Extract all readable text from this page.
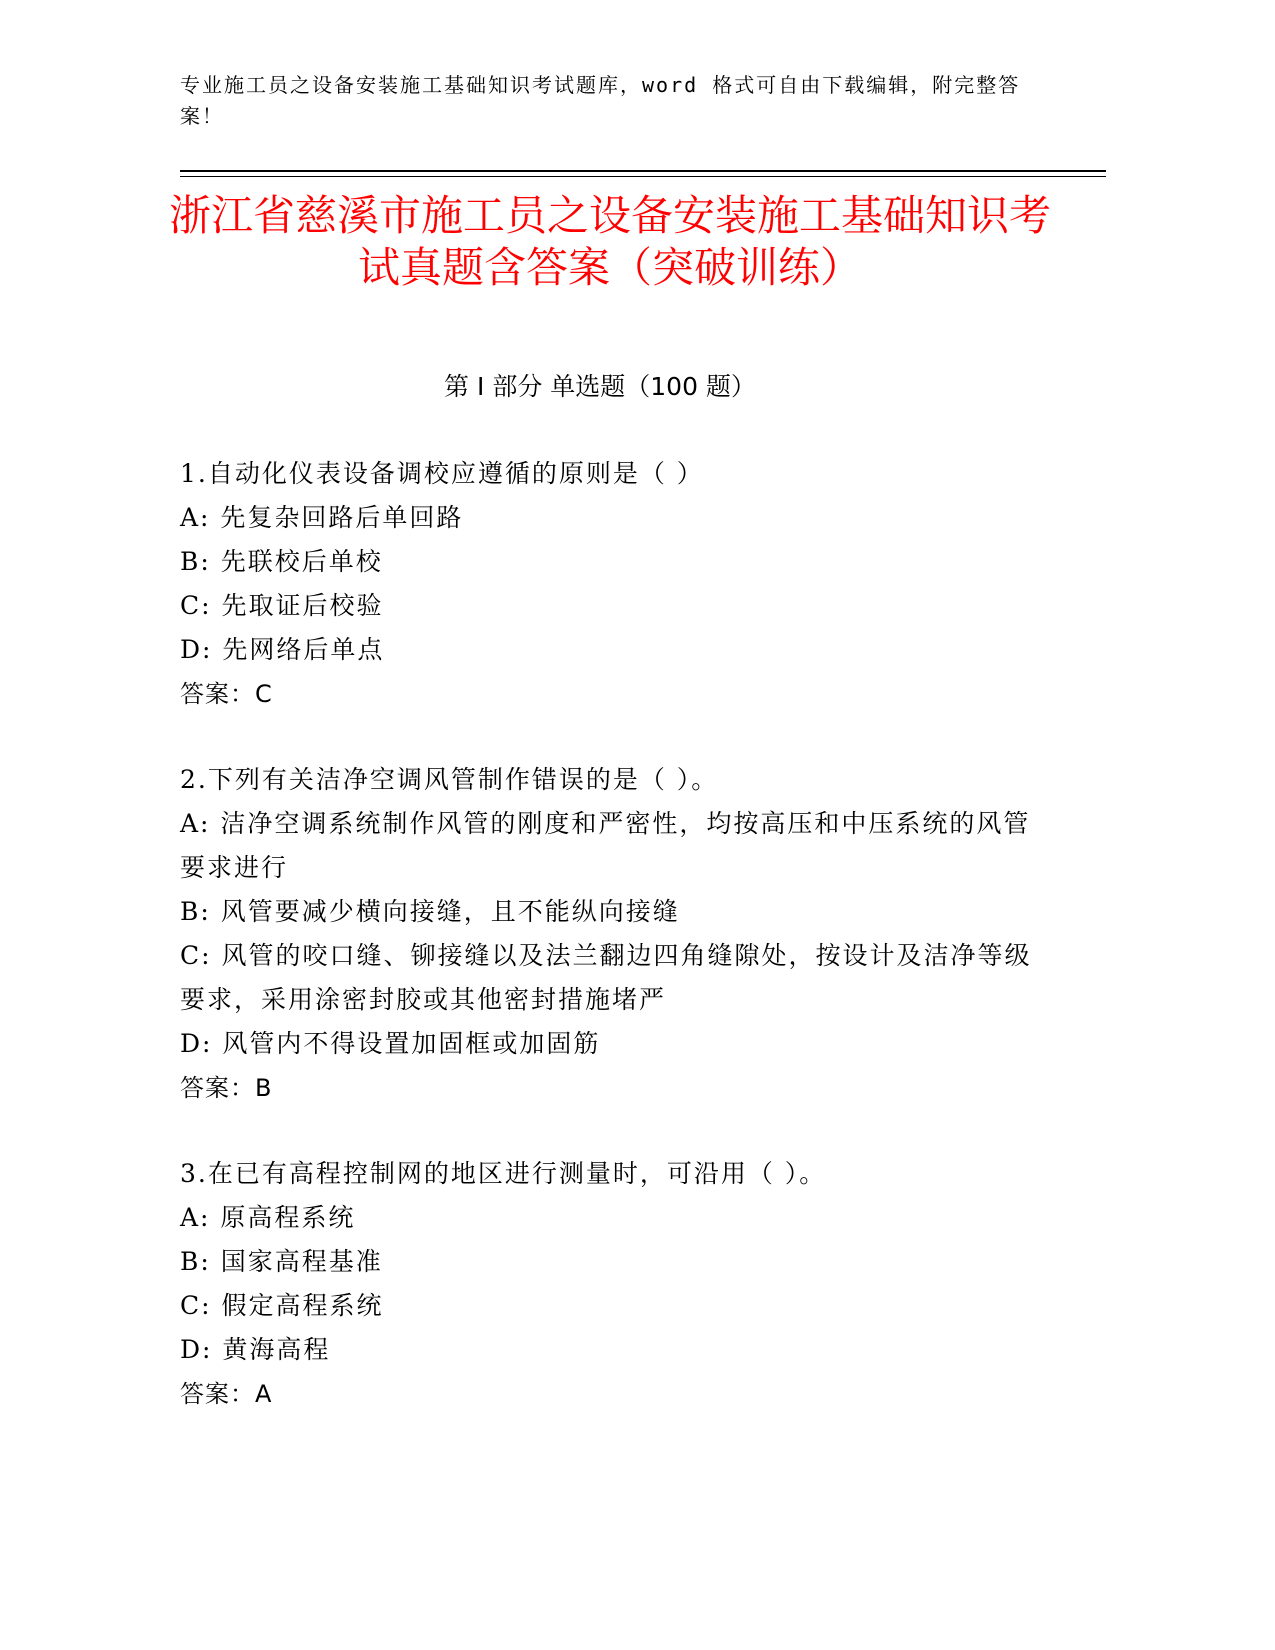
专业施工员之设备安装施工基础知识考试题库，word 格式可自由下载编辑，附完整答案！
浙江省慈溪市施工员之设备安装施工基础知识考试真题含答案（突破训练）
第 I 部分 单选题（100 题）
1.自动化仪表设备调校应遵循的原则是（ ）
A: 先复杂回路后单回路
B: 先联校后单校
C: 先取证后校验
D: 先网络后单点
答案：C
2.下列有关洁净空调风管制作错误的是（ ）。
A: 洁净空调系统制作风管的刚度和严密性，均按高压和中压系统的风管要求进行
B: 风管要减少横向接缝，且不能纵向接缝
C: 风管的咬口缝、铆接缝以及法兰翻边四角缝隙处，按设计及洁净等级要求，采用涂密封胶或其他密封措施堵严
D: 风管内不得设置加固框或加固筋
答案：B
3.在已有高程控制网的地区进行测量时，可沿用（ ）。
A: 原高程系统
B: 国家高程基准
C: 假定高程系统
D: 黄海高程
答案：A
